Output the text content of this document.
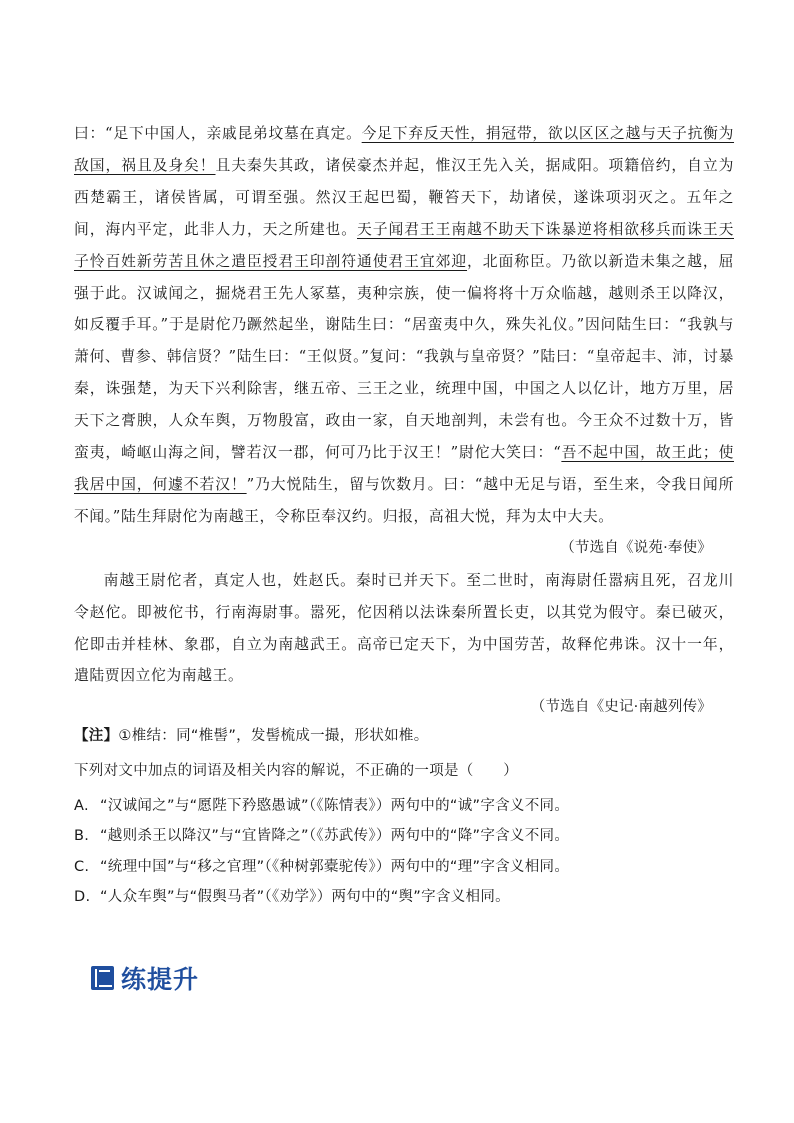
曰：“足下中国人，亲戚昆弟坟墓在真定。今足下弃反天性，捐冠带，欲以区区之越与天子抗衡为敌国，祸且及身矣！且夫秦失其政，诸侯豪杰并起，惟汉王先入关，据咸阳。项籍倍约，自立为西楚霸王，诸侯皆属，可谓至强。然汉王起巴蜀，鞭笞天下，劫诸侯，遂诛项羽灭之。五年之间，海内平定，此非人力，天之所建也。天子闻君王王南越不助天下诛暴逆将相欲移兵而诛王天子怜百姓新劳苦且休之遣臣授君王印剖符通使君王宜郊迎，北面称臣。乃欲以新造未集之越，屈强于此。汉诚闻之，掘烧君王先人冢墓，夷种宗族，使一偏将将十万众临越，越则杀王以降汉，如反覆手耳。”于是尉佗乃蹶然起坐，谢陆生曰：“居蛮夷中久，殊失礼仪。”因问陆生曰：“我孰与萧何、曹参、韩信贤？”陆生曰：“王似贤。”复问：“我孰与皇帝贤？”陆曰：“皇帝起丰、沛，讨暴秦，诛强楚，为天下兴利除害，继五帝、三王之业，统理中国，中国之人以亿计，地方万里，居天下之膏腴，人众车舆，万物殷富，政由一家，自天地剖判，未尝有也。今王众不过数十万，皆蛮夷，崎岖山海之间，譬若汉一郡，何可乃比于汉王！”尉佗大笑曰：“吾不起中国，故王此；使我居中国，何遽不若汉！”乃大悦陆生，留与饮数月。曰：“越中无足与语，至生来，令我日闻所不闻。”陆生拜尉佗为南越王，令称臣奉汉约。归报，高祖大悦，拜为太中大夫。

（节选自《说苑·奉使》

南越王尉佗者，真定人也，姓赵氏。秦时已并天下。至二世时，南海尉任嚣病且死，召龙川令赵佗。即被佗书，行南海尉事。嚣死，佗因稍以法诛秦所置长吏，以其党为假守。秦已破灭，佗即击并桂林、象郡，自立为南越武王。高帝已定天下，为中国劳苦，故释佗弗诛。汉十一年，遣陆贾因立佗为南越王。

（节选自《史记·南越列传》
【注】①椎结：同“椎髻”，发髻梳成一撮，形状如椎。
下列对文中加点的词语及相关内容的解说，不正确的一项是（　　）
A. “汉诚闻之”与“愿陛下矜愍愚诚”（《陈情表》）两句中的“诚”字含义不同。
B. “越则杀王以降汉”与“宜皆降之”（《苏武传》）两句中的“降”字含义不同。
C. “统理中国”与“移之官理”（《种树郭橐驼传》）两句中的“理”字含义相同。
D. “人众车舆”与“假舆马者”（《劝学》）两句中的“舆”字含义相同。
练提升
